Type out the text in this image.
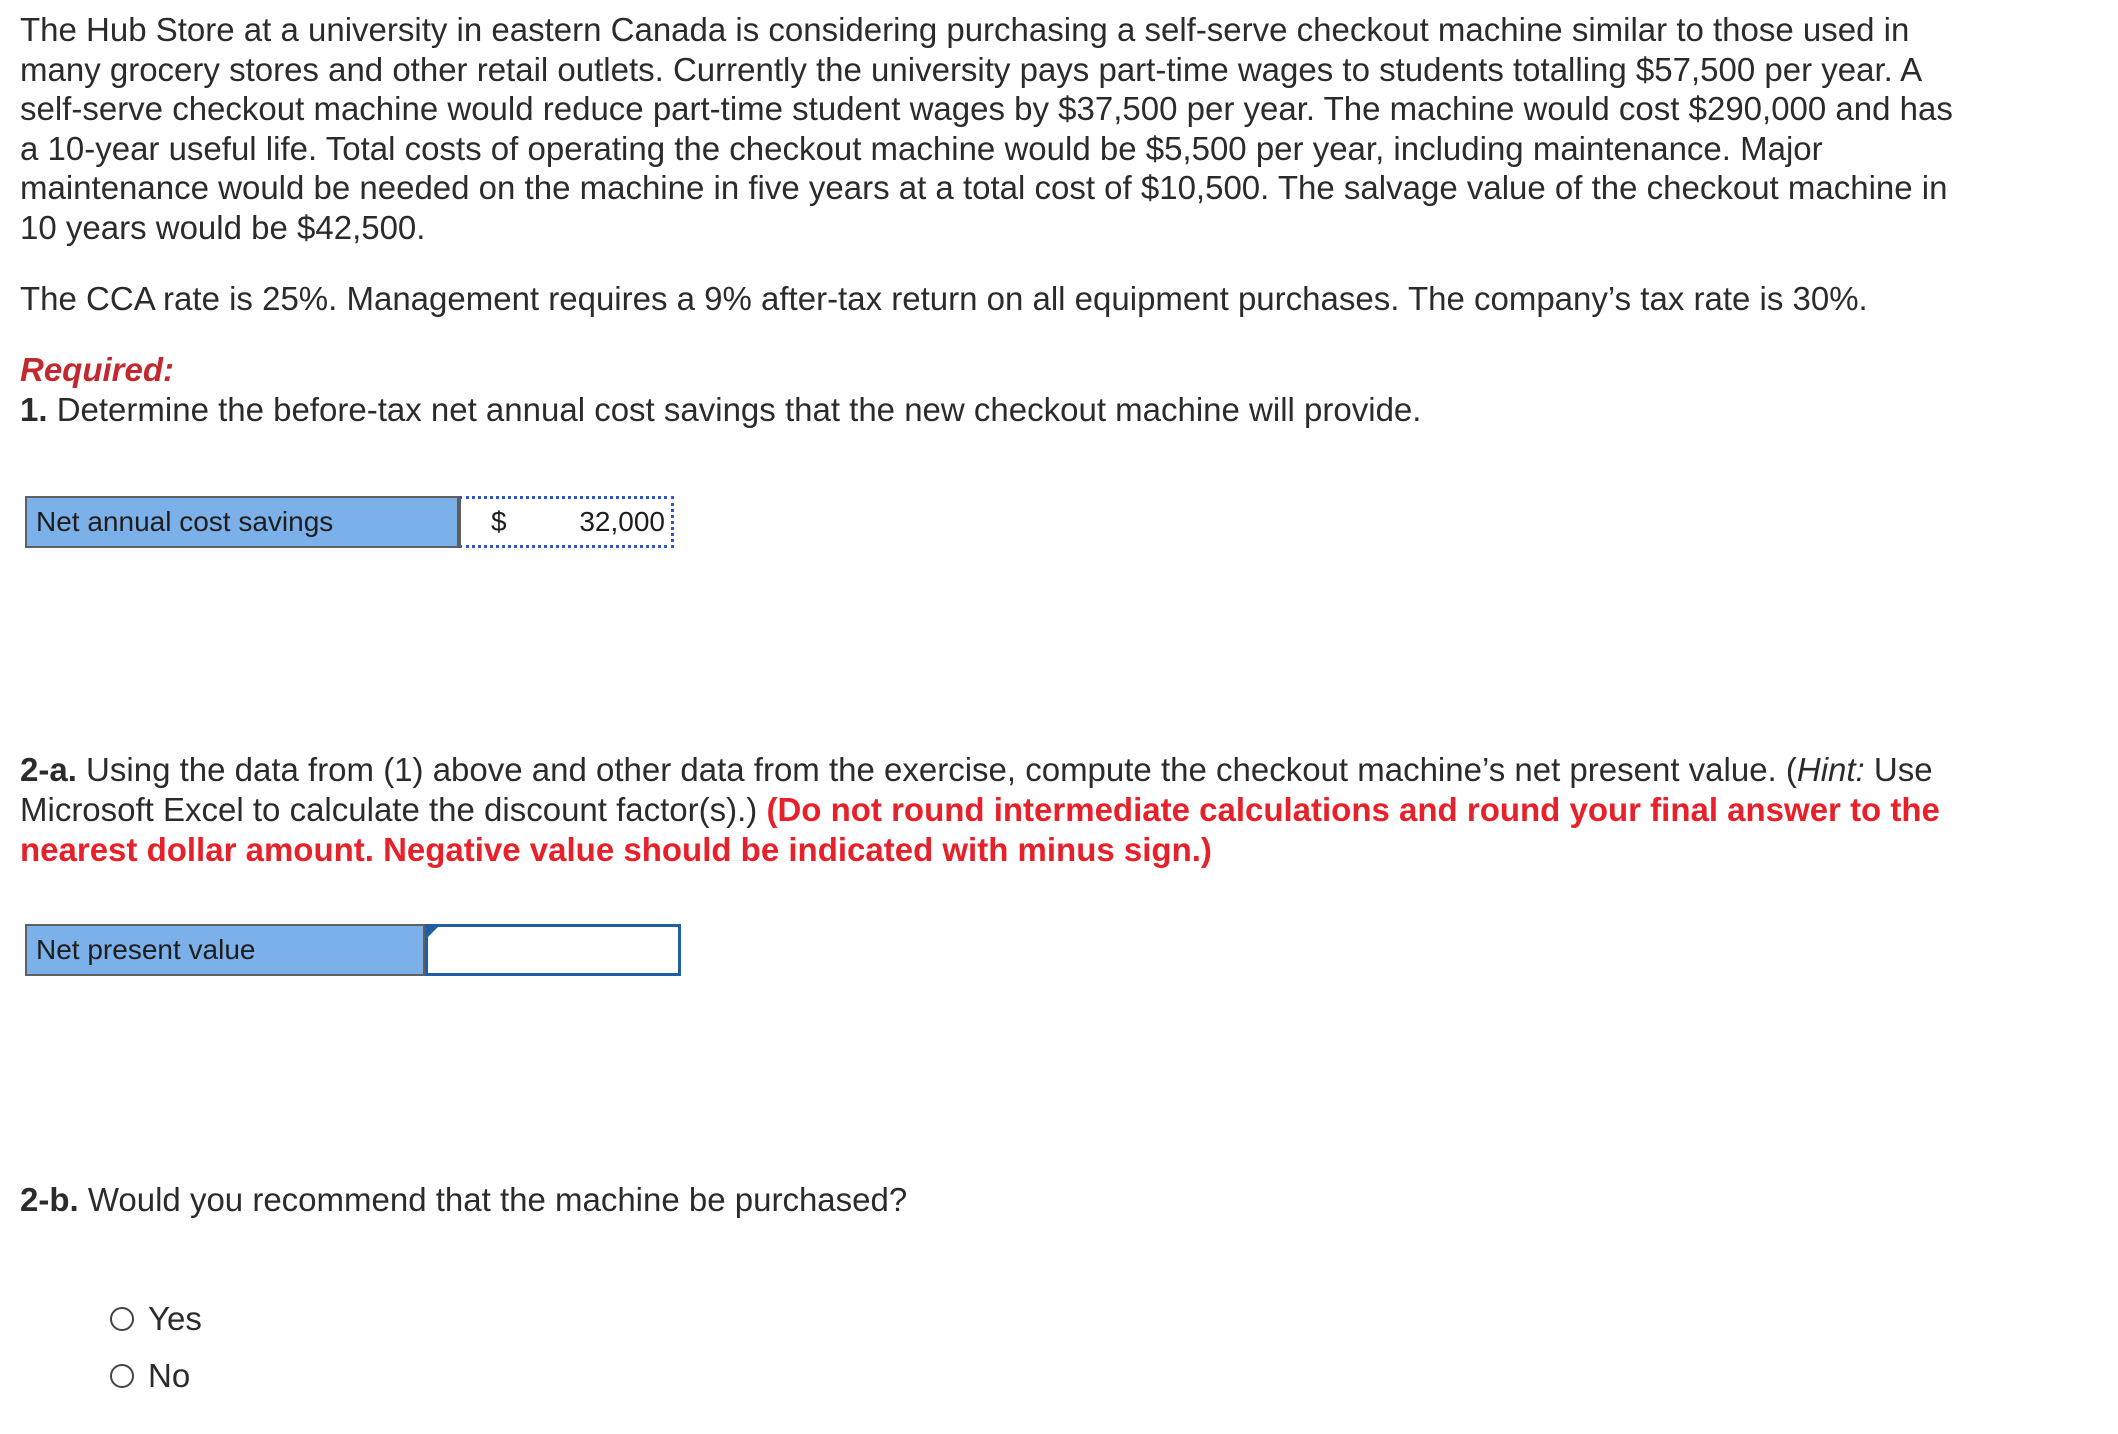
The Hub Store at a university in eastern Canada is considering purchasing a self-serve checkout machine similar to those used in
many grocery stores and other retail outlets. Currently the university pays part-time wages to students totalling $57,500 per year. A
self-serve checkout machine would reduce part-time student wages by $37,500 per year. The machine would cost $290,000 and has
a 10-year useful life. Total costs of operating the checkout machine would be $5,500 per year, including maintenance. Major
maintenance would be needed on the machine in five years at a total cost of $10,500. The salvage value of the checkout machine in
10 years would be $42,500.
The CCA rate is 25%. Management requires a 9% after-tax return on all equipment purchases. The company’s tax rate is 30%.
Required:
1. Determine the before-tax net annual cost savings that the new checkout machine will provide.
Net annual cost savings	$	32,000
2-a. Using the data from (1) above and other data from the exercise, compute the checkout machine’s net present value. (Hint: Use
Microsoft Excel to calculate the discount factor(s).) (Do not round intermediate calculations and round your final answer to the
nearest dollar amount. Negative value should be indicated with minus sign.)
Net present value
2-b. Would you recommend that the machine be purchased?
Yes
No
